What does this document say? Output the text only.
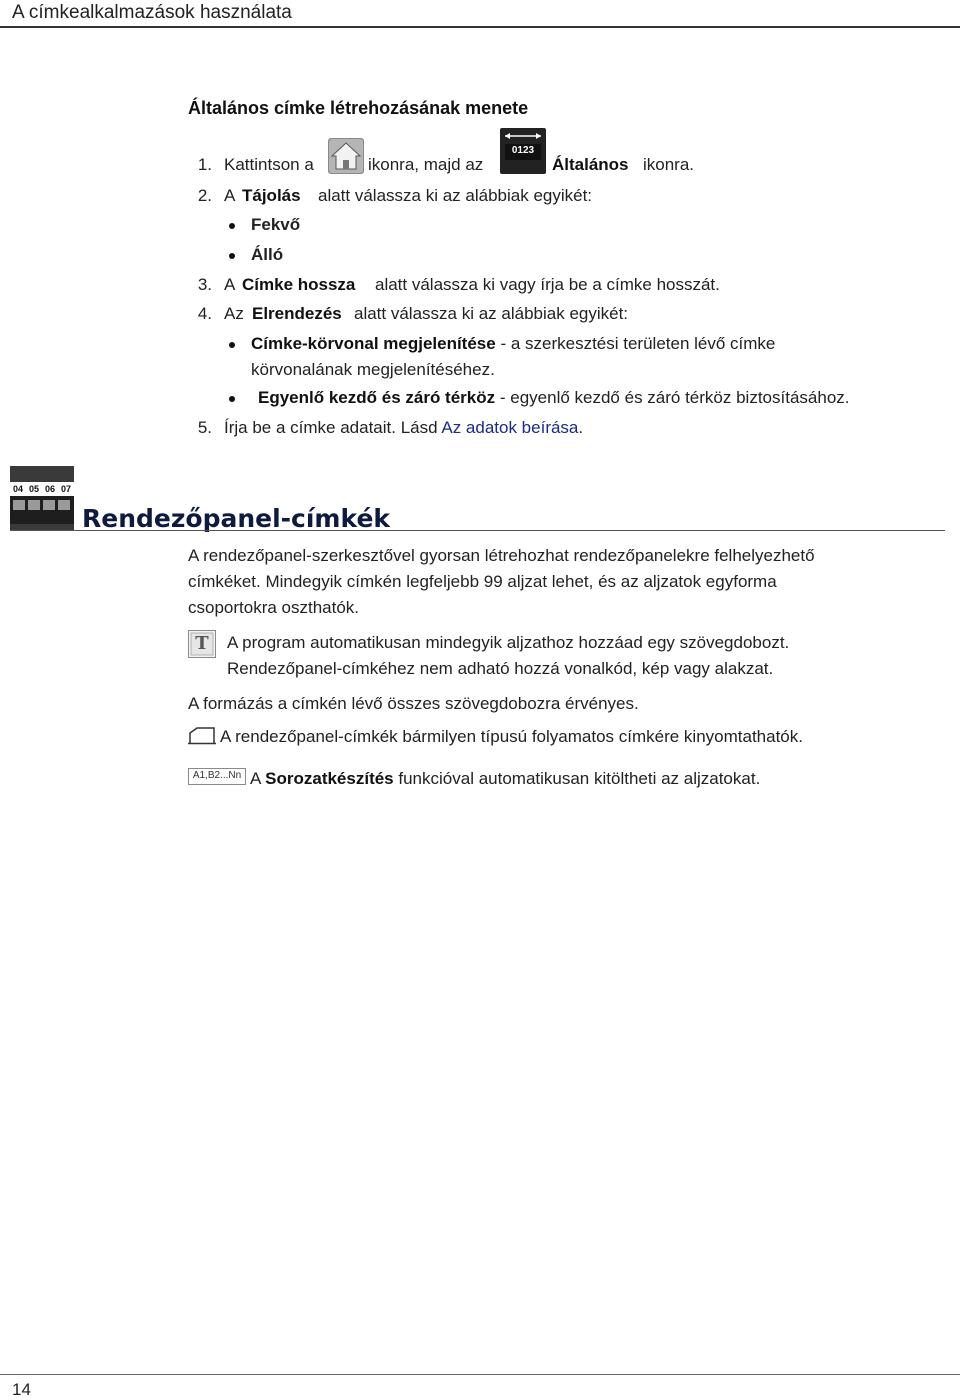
A címkealkalmazások használata
Általános címke létrehozásának menete
1. Kattintson a	ikonra, majd az	Általános ikonra.
0123
2. A Tájolás alatt válassza ki az alábbiak egyikét:
Fekvő
Álló
3. A Címke hossza alatt válassza ki vagy írja be a címke hosszát.
4. Az Elrendezés alatt válassza ki az alábbiak egyikét:
Címke-körvonal megjelenítése - a szerkesztési területen lévő címke
körvonalának megjelenítéséhez.
Egyenlő kezdő és záró térköz - egyenlő kezdő és záró térköz biztosításához.
5. Írja be a címke adatait. Lásd Az adatok beírása.
04 05 06 07
Rendezőpanel-címkék
A rendezőpanel-szerkesztővel gyorsan létrehozhat rendezőpanelekre felhelyezhető
címkéket. Mindegyik címkén legfeljebb 99 aljzat lehet, és az aljzatok egyforma
csoportokra oszthatók.
T	A program automatikusan mindegyik aljzathoz hozzáad egy szövegdobozt.
Rendezőpanel-címkéhez nem adható hozzá vonalkód, kép vagy alakzat.
A formázás a címkén lévő összes szövegdobozra érvényes.
A rendezőpanel-címkék bármilyen típusú folyamatos címkére kinyomtathatók.
A1,B2...Nn A Sorozatkészítés funkcióval automatikusan kitöltheti az aljzatokat.
14
